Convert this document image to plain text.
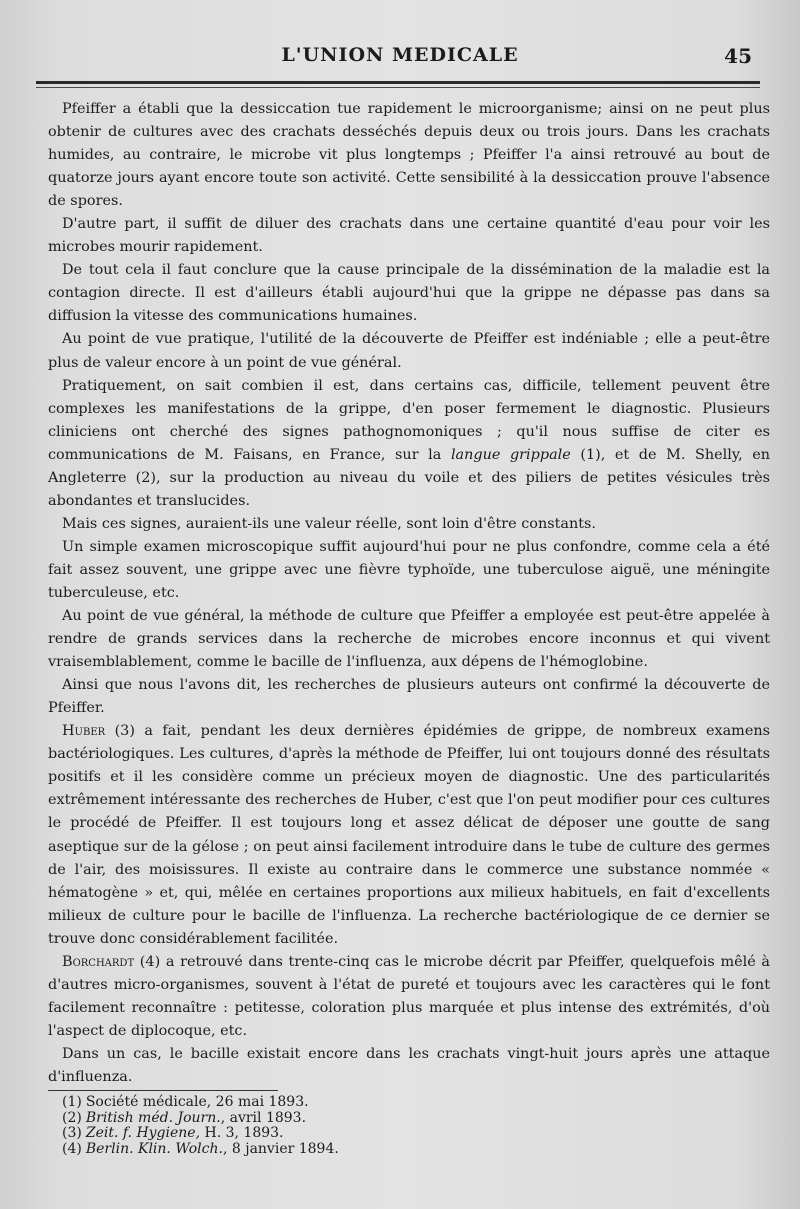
L'UNION MEDICALE	45

Pfeiffer a établi que la dessiccation tue rapidement le microorganisme; ainsi on ne peut plus obtenir de cultures avec des crachats desséchés depuis deux ou trois jours. Dans les crachats humides, au contraire, le microbe vit plus longtemps ; Pfeiffer l'a ainsi retrouvé au bout de quatorze jours ayant encore toute son activité. Cette sensibilité à la dessiccation prouve l'absence de spores.

D'autre part, il suffit de diluer des crachats dans une certaine quantité d'eau pour voir les microbes mourir rapidement.

De tout cela il faut conclure que la cause principale de la dissémination de la maladie est la contagion directe. Il est d'ailleurs établi aujourd'hui que la grippe ne dépasse pas dans sa diffusion la vitesse des communications humaines.

Au point de vue pratique, l'utilité de la découverte de Pfeiffer est indéniable ; elle a peut-être plus de valeur encore à un point de vue général.

Pratiquement, on sait combien il est, dans certains cas, difficile, tellement peuvent être complexes les manifestations de la grippe, d'en poser fermement le diagnostic. Plusieurs cliniciens ont cherché des signes pathognomoniques ; qu'il nous suffise de citer es communications de M. Faisans, en France, sur la langue grippale (1), et de M. Shelly, en Angleterre (2), sur la production au niveau du voile et des piliers de petites vésicules très abondantes et translucides.

Mais ces signes, auraient-ils une valeur réelle, sont loin d'être constants.

Un simple examen microscopique suffit aujourd'hui pour ne plus confondre, comme cela a été fait assez souvent, une grippe avec une fièvre typhoïde, une tuberculose aiguë, une méningite tuberculeuse, etc.

Au point de vue général, la méthode de culture que Pfeiffer a employée est peut-être appelée à rendre de grands services dans la recherche de microbes encore inconnus et qui vivent vraisemblablement, comme le bacille de l'influenza, aux dépens de l'hémoglobine.

Ainsi que nous l'avons dit, les recherches de plusieurs auteurs ont confirmé la découverte de Pfeiffer.

Huber (3) a fait, pendant les deux dernières épidémies de grippe, de nombreux examens bactériologiques. Les cultures, d'après la méthode de Pfeiffer, lui ont toujours donné des résultats positifs et il les considère comme un précieux moyen de diagnostic. Une des particularités extrêmement intéressante des recherches de Huber, c'est que l'on peut modifier pour ces cultures le procédé de Pfeiffer. Il est toujours long et assez délicat de déposer une goutte de sang aseptique sur de la gélose ; on peut ainsi facilement introduire dans le tube de culture des germes de l'air, des moisissures. Il existe au contraire dans le commerce une substance nommée « hématogène » et, qui, mêlée en certaines proportions aux milieux habituels, en fait d'excellents milieux de culture pour le bacille de l'influenza. La recherche bactériologique de ce dernier se trouve donc considérablement facilitée.

Borchardt (4) a retrouvé dans trente-cinq cas le microbe décrit par Pfeiffer, quelquefois mêlé à d'autres micro-organismes, souvent à l'état de pureté et toujours avec les caractères qui le font facilement reconnaître : petitesse, coloration plus marquée et plus intense des extrémités, d'où l'aspect de diplocoque, etc.

Dans un cas, le bacille existait encore dans les crachats vingt-huit jours après une attaque d'influenza.

(1) Société médicale, 26 mai 1893.

(2) British méd. Journ., avril 1893.

(3) Zeit. f. Hygiene, H. 3, 1893.

(4) Berlin. Klin. Wolch., 8 janvier 1894.
